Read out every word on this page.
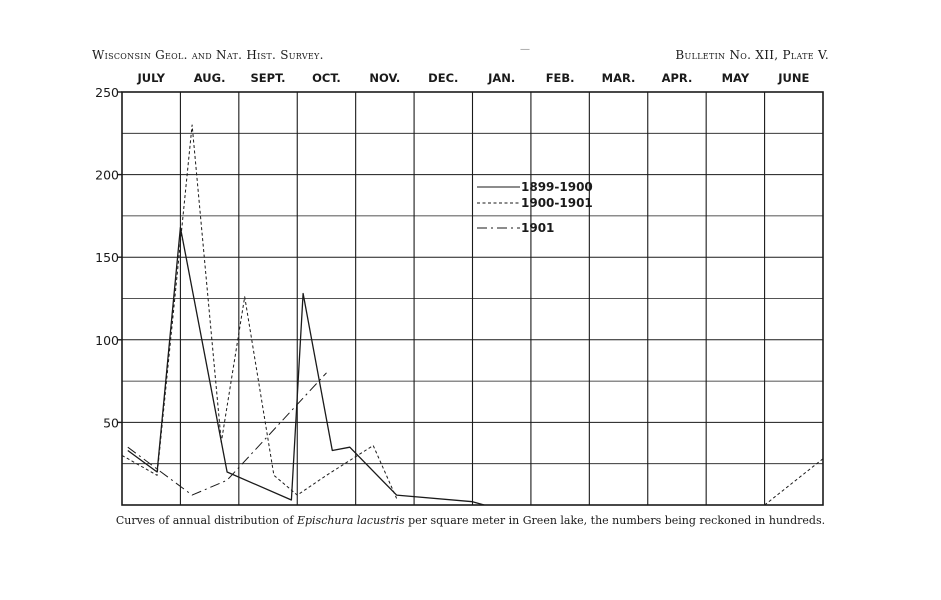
Wisconsin Geol. and Nat. Hist. Survey.	—	Bulletin No. XII, Plate V.
JULY	AUG. SEPT. OCT. NOV. DEC.	JAN.	FEB. MAR. APR.	MAY	JUNE
50
100
150
200
250
1899-1900
1900-1901
1901
Curves of annual distribution of Epischura lacustris per square meter in Green lake, the numbers being reckoned in hundreds.
